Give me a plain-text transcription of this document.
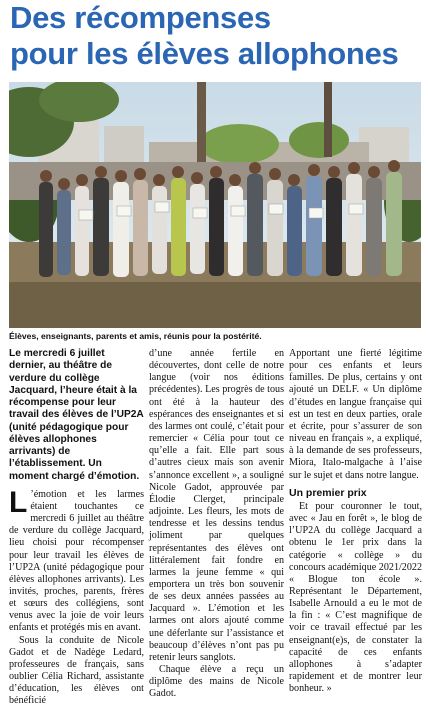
Des récompenses
pour les élèves allophones
Élèves, enseignants, parents et amis, réunis pour la postérité.

Le mercredi 6 juillet dernier, au théâtre de verdure du collège Jacquard, l’heure était à la récompense pour leur travail des élèves de l’UP2A (unité pédagogique pour élèves allophones arrivants) de l’établissement. Un moment chargé d’émotion.

L ’émotion et les larmes étaient touchantes ce mercredi 6 juillet au théâtre de verdure du collège Jacquard, lieu choisi pour récompenser pour leur travail les élèves de l’UP2A (unité pédagogique pour élèves allophones arrivants). Les invités, proches, parents, frères et sœurs des collégiens, sont venus avec la joie de voir leurs enfants et protégés mis en avant.

Sous la conduite de Nicole Gadot et de Nadège Ledard, professeures de français, sans oublier Célia Richard, assistante d’éducation, les élèves ont bénéficié

d’une année fertile en découvertes, dont celle de notre langue (voir nos éditions précédentes). Les progrès de tous ont été à la hauteur des espérances des enseignantes et si des larmes ont coulé, c’était pour remercier « Célia pour tout ce qu’elle a fait. Elle part sous d’autres cieux mais son avenir s’annonce excellent », a souligné Nicole Gadot, approuvée par Élodie Clerget, principale adjointe. Les fleurs, les mots de tendresse et les dessins tendus joliment par quelques représentantes des élèves ont littéralement fait fondre en larmes la jeune femme « qui emportera un très bon souvenir de ses deux années passées au Jacquard ». L’émotion et les larmes ont alors ajouté comme une déferlante sur l’assistance et beaucoup d’élèves n’ont pas pu retenir leurs sanglots.

Chaque élève a reçu un diplôme des mains de Nicole Gadot.

Apportant une fierté légitime pour ces enfants et leurs familles. De plus, certains y ont ajouté un DELF. « Un diplôme d’études en langue française qui est un test en deux parties, orale et écrite, pour s’assurer de son niveau en français », a expliqué, à la demande de ses professeurs, Miora, Italo-malgache à l’aise sur le sujet et dans notre langue.

Un premier prix

Et pour couronner le tout, avec « Jau en forêt », le blog de l’UP2A du collège Jacquard a obtenu le 1er prix dans la catégorie « collège » du concours académique 2021/2022 « Blogue ton école ». Représentant le Département, Isabelle Arnould a eu le mot de la fin : « C’est magnifique de voir ce travail effectué par les enseignant(e)s, de constater la capacité de ces enfants allophones à s’adapter rapidement et de montrer leur bonheur. »
